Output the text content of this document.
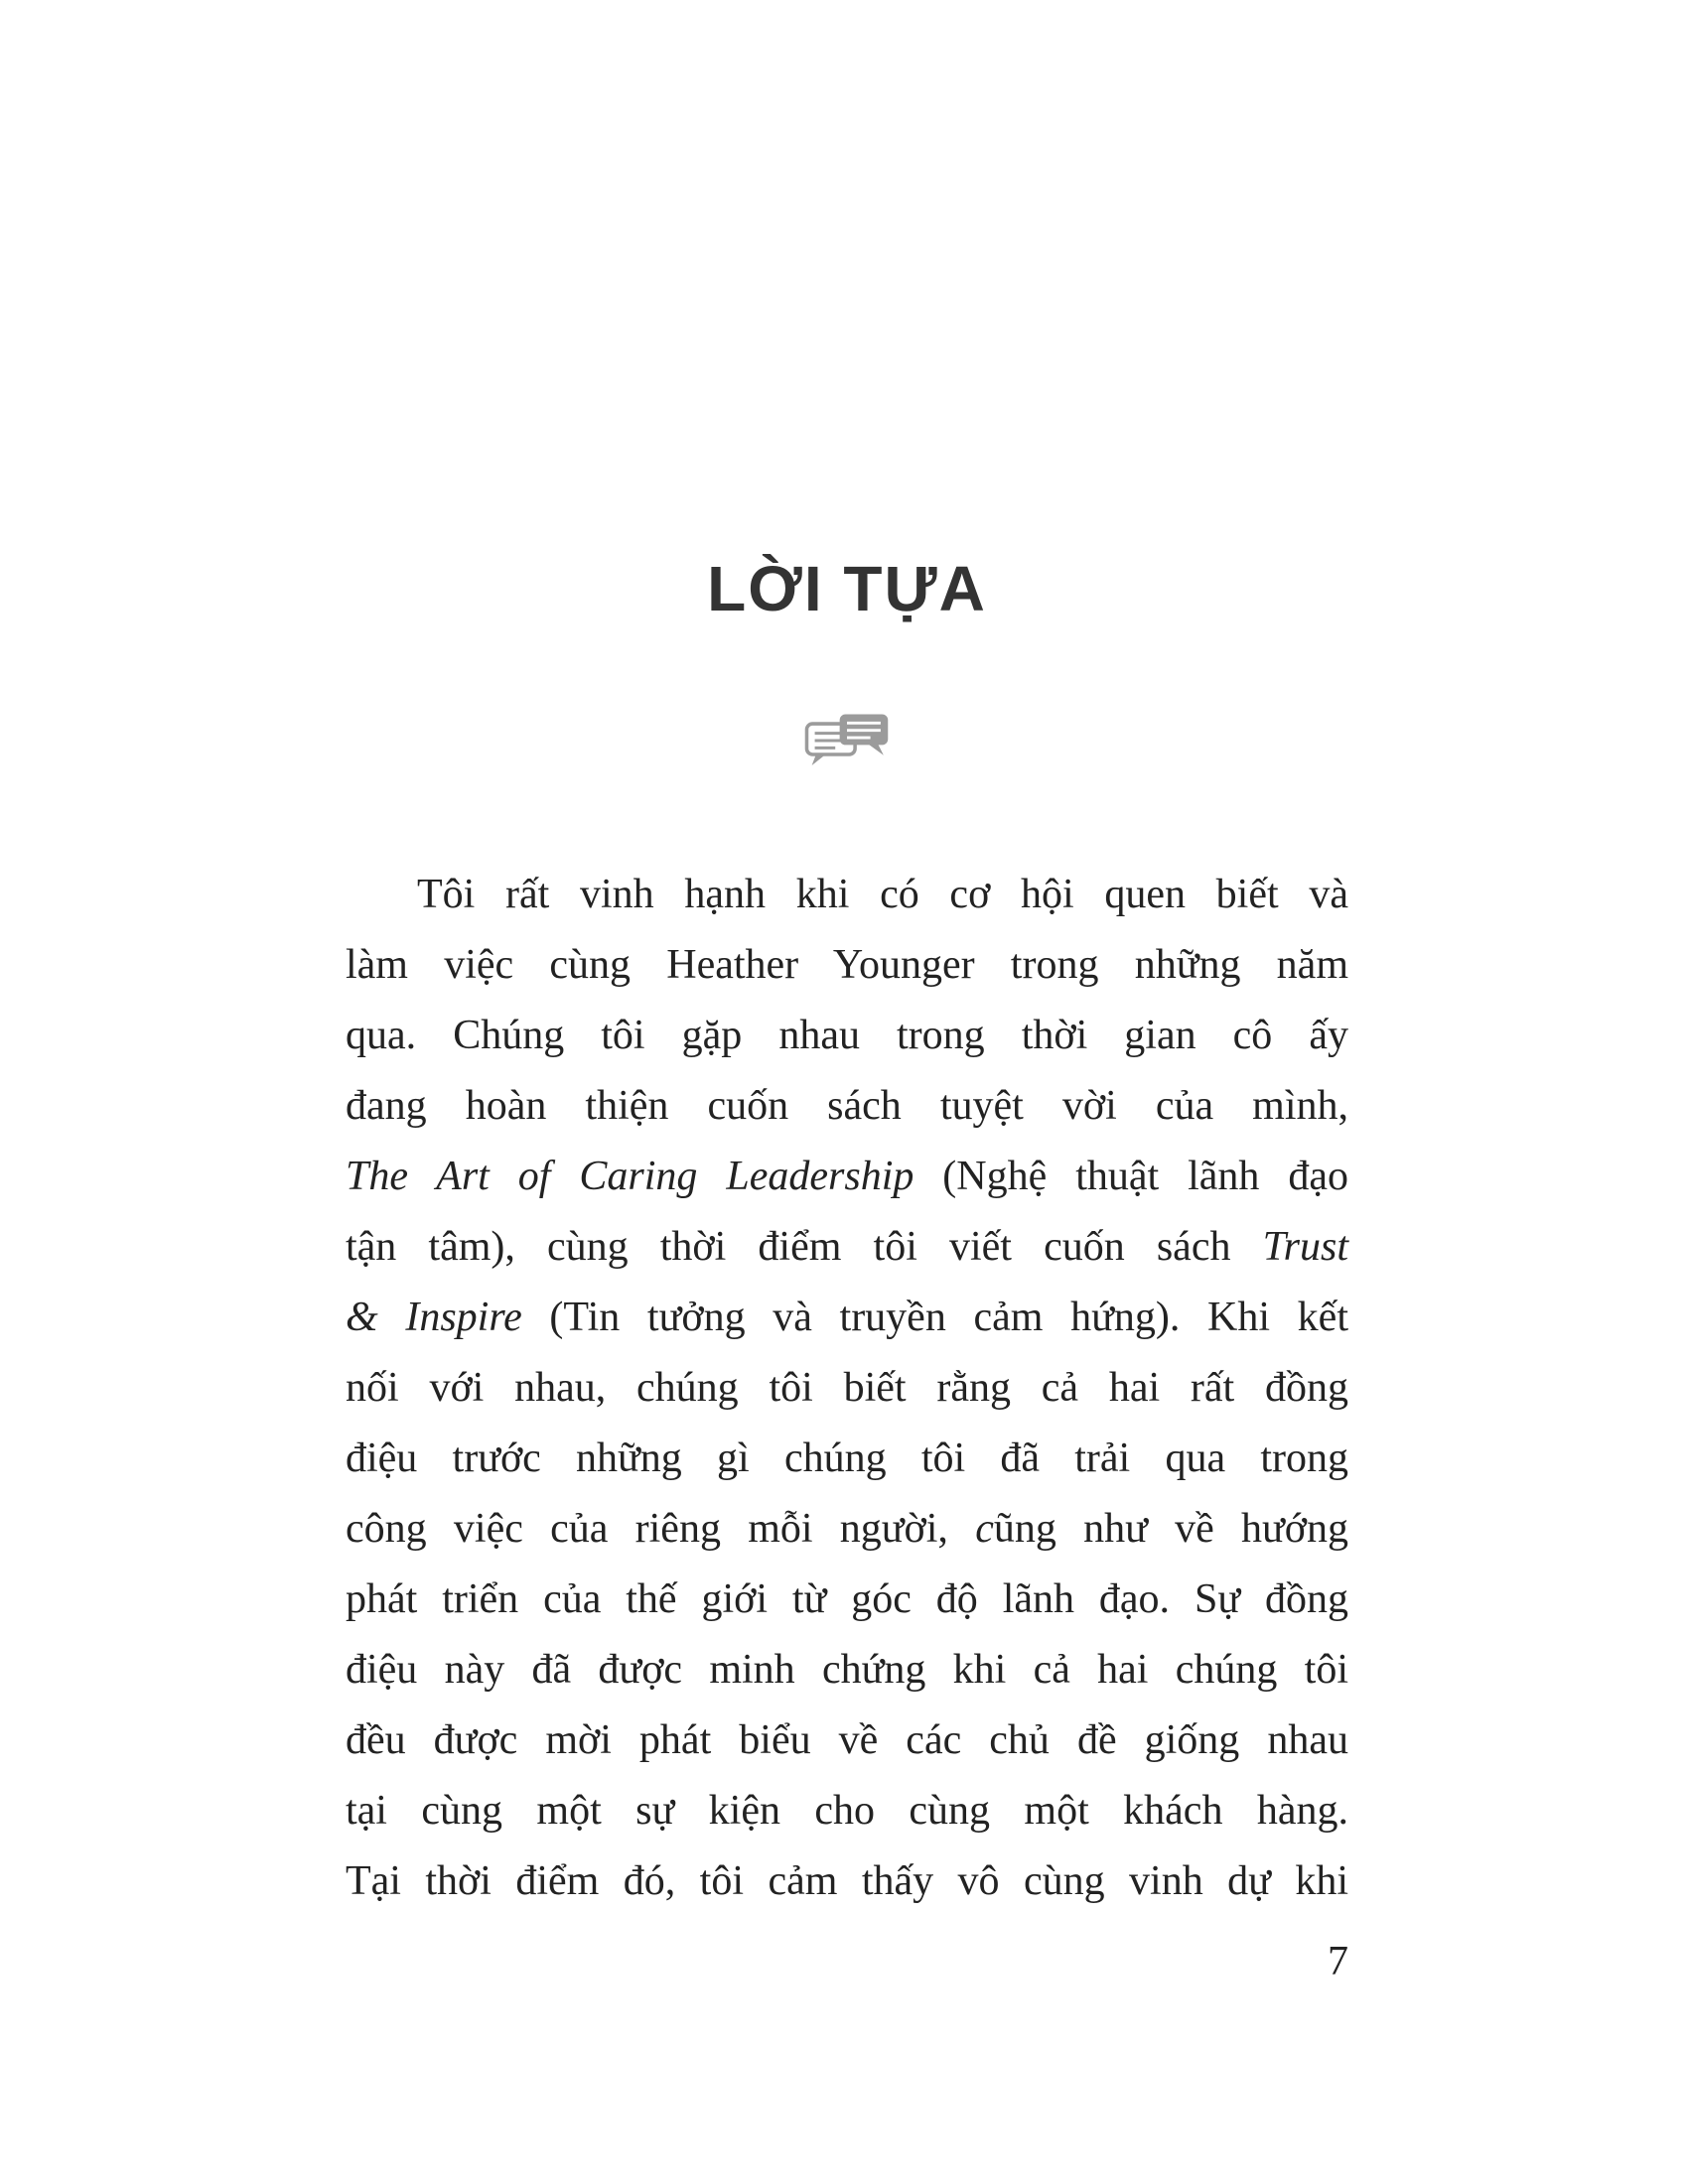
LỜI TỰA
Tôi rất vinh hạnh khi có cơ hội quen biết và
làm việc cùng Heather Younger trong những năm
qua. Chúng tôi gặp nhau trong thời gian cô ấy
đang hoàn thiện cuốn sách tuyệt vời của mình,
The Art of Caring Leadership (Nghệ thuật lãnh đạo
tận tâm), cùng thời điểm tôi viết cuốn sách Trust
& Inspire (Tin tưởng và truyền cảm hứng). Khi kết
nối với nhau, chúng tôi biết rằng cả hai rất đồng
điệu trước những gì chúng tôi đã trải qua trong
công việc của riêng mỗi người, cũng như về hướng
phát triển của thế giới từ góc độ lãnh đạo. Sự đồng
điệu này đã được minh chứng khi cả hai chúng tôi
đều được mời phát biểu về các chủ đề giống nhau
tại cùng một sự kiện cho cùng một khách hàng.
Tại thời điểm đó, tôi cảm thấy vô cùng vinh dự khi
7
